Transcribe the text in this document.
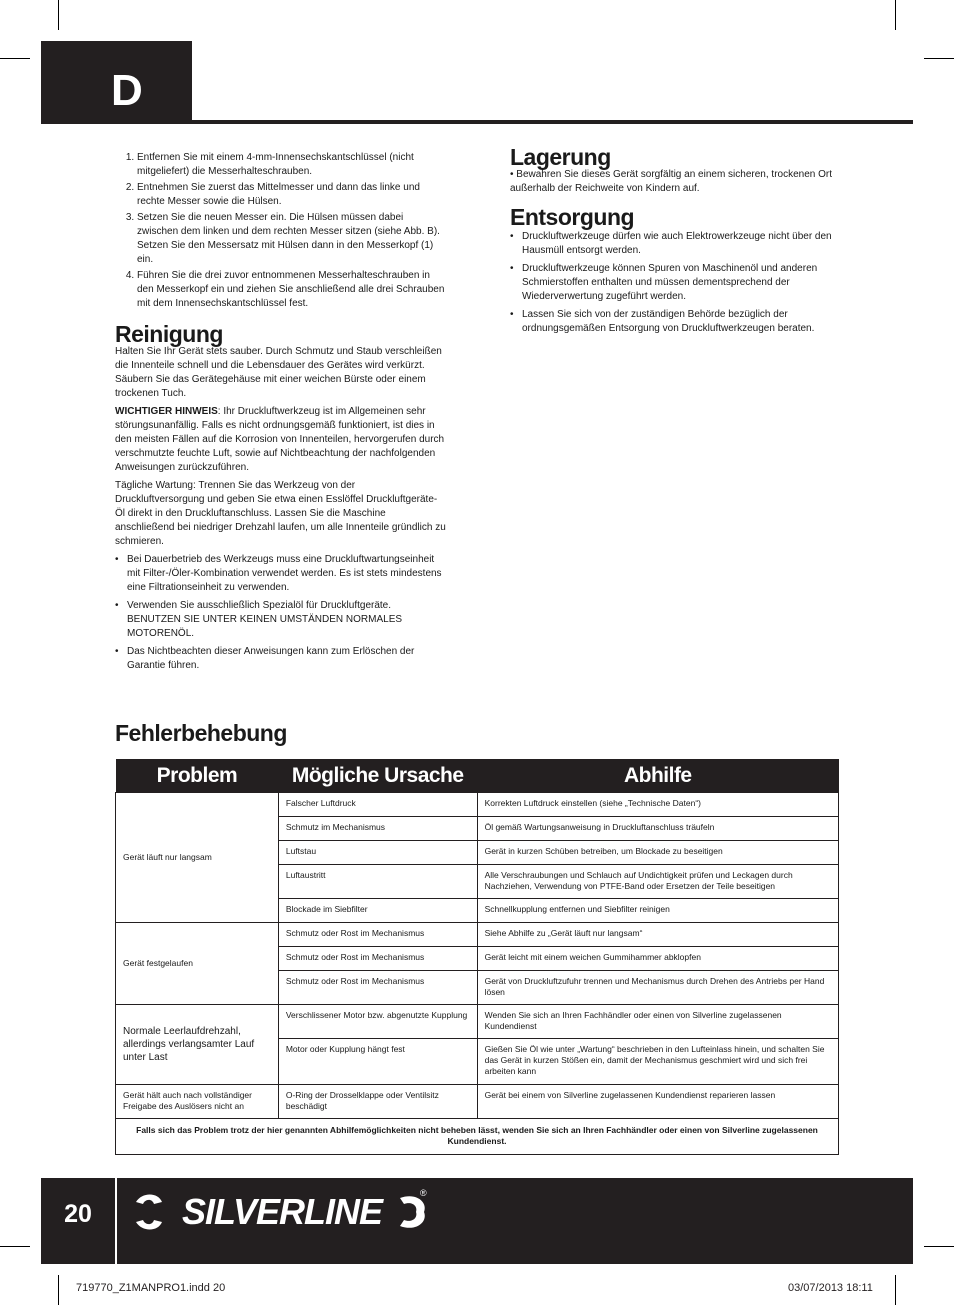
D
1. Entfernen Sie mit einem 4-mm-Innensechskantschlüssel (nicht mitgeliefert) die Messerhalteschrauben.
2. Entnehmen Sie zuerst das Mittelmesser und dann das linke und rechte Messer sowie die Hülsen.
3. Setzen Sie die neuen Messer ein. Die Hülsen müssen dabei zwischen dem linken und dem rechten Messer sitzen (siehe Abb. B). Setzen Sie den Messersatz mit Hülsen dann in den Messerkopf (1) ein.
4. Führen Sie die drei zuvor entnommenen Messerhalteschrauben in den Messerkopf ein und ziehen Sie anschließend alle drei Schrauben mit dem Innensechskantschlüssel fest.
Reinigung

Halten Sie Ihr Gerät stets sauber. Durch Schmutz und Staub verschleißen die Innenteile schnell und die Lebensdauer des Gerätes wird verkürzt. Säubern Sie das Gerätegehäuse mit einer weichen Bürste oder einem trockenen Tuch.

WICHTIGER HINWEIS: Ihr Druckluftwerkzeug ist im Allgemeinen sehr störungsunanfällig. Falls es nicht ordnungsgemäß funktioniert, ist dies in den meisten Fällen auf die Korrosion von Innenteilen, hervorgerufen durch verschmutzte feuchte Luft, sowie auf Nichtbeachtung der nachfolgenden Anweisungen zurückzuführen.

Tägliche Wartung: Trennen Sie das Werkzeug von der Druckluftversorgung und geben Sie etwa einen Esslöffel Druckluftgeräte-Öl direkt in den Druckluftanschluss. Lassen Sie die Maschine anschließend bei niedriger Drehzahl laufen, um alle Innenteile gründlich zu schmieren.

• Bei Dauerbetrieb des Werkzeugs muss eine Druckluftwartungseinheit mit Filter-/Öler-Kombination verwendet werden. Es ist stets mindestens eine Filtrationseinheit zu verwenden.
• Verwenden Sie ausschließlich Spezialöl für Druckluftgeräte. BENUTZEN SIE UNTER KEINEN UMSTÄNDEN NORMALES MOTORENÖL.
• Das Nichtbeachten dieser Anweisungen kann zum Erlöschen der Garantie führen.
Lagerung

• Bewahren Sie dieses Gerät sorgfältig an einem sicheren, trockenen Ort außerhalb der Reichweite von Kindern auf.

Entsorgung
• Druckluftwerkzeuge dürfen wie auch Elektrowerkzeuge nicht über den Hausmüll entsorgt werden.
• Druckluftwerkzeuge können Spuren von Maschinenöl und anderen Schmierstoffen enthalten und müssen dementsprechend der Wiederverwertung zugeführt werden.
• Lassen Sie sich von der zuständigen Behörde bezüglich der ordnungsgemäßen Entsorgung von Druckluftwerkzeugen beraten.
Fehlerbehebung
Problem	Mögliche Ursache	Abhilfe
Gerät läuft nur langsam	Falscher Luftdruck	Korrekten Luftdruck einstellen (siehe „Technische Daten“)
	Schmutz im Mechanismus	Öl gemäß Wartungsanweisung in Druckluftanschluss träufeln
	Luftstau	Gerät in kurzen Schüben betreiben, um Blockade zu beseitigen
	Luftaustritt	Alle Verschraubungen und Schlauch auf Undichtigkeit prüfen und Leckagen durch Nachziehen, Verwendung von PTFE-Band oder Ersetzen der Teile beseitigen
	Blockade im Siebfilter	Schnellkupplung entfernen und Siebfilter reinigen
Gerät festgelaufen	Schmutz oder Rost im Mechanismus	Siehe Abhilfe zu „Gerät läuft nur langsam“
	Schmutz oder Rost im Mechanismus	Gerät leicht mit einem weichen Gummihammer abklopfen
	Schmutz oder Rost im Mechanismus	Gerät von Druckluftzufuhr trennen und Mechanismus durch Drehen des Antriebs per Hand lösen
Normale Leerlaufdrehzahl, allerdings verlangsamter Lauf unter Last	Verschlissener Motor bzw. abgenutzte Kupplung	Wenden Sie sich an Ihren Fachhändler oder einen von Silverline zugelassenen Kundendienst
	Motor oder Kupplung hängt fest	Gießen Sie Öl wie unter „Wartung“ beschrieben in den Lufteinlass hinein, und schalten Sie das Gerät in kurzen Stößen ein, damit der Mechanismus geschmiert wird und sich frei arbeiten kann
Gerät hält auch nach vollständiger Freigabe des Auslösers nicht an	O-Ring der Drosselklappe oder Ventilsitz beschädigt	Gerät bei einem von Silverline zugelassenen Kundendienst reparieren lassen
Falls sich das Problem trotz der hier genannten Abhilfemöglichkeiten nicht beheben lässt, wenden Sie sich an Ihren Fachhändler oder einen von Silverline zugelassenen Kundendienst.		
20	SILVERLINE	®
719770_Z1MANPRO1.indd 20	03/07/2013 18:11
